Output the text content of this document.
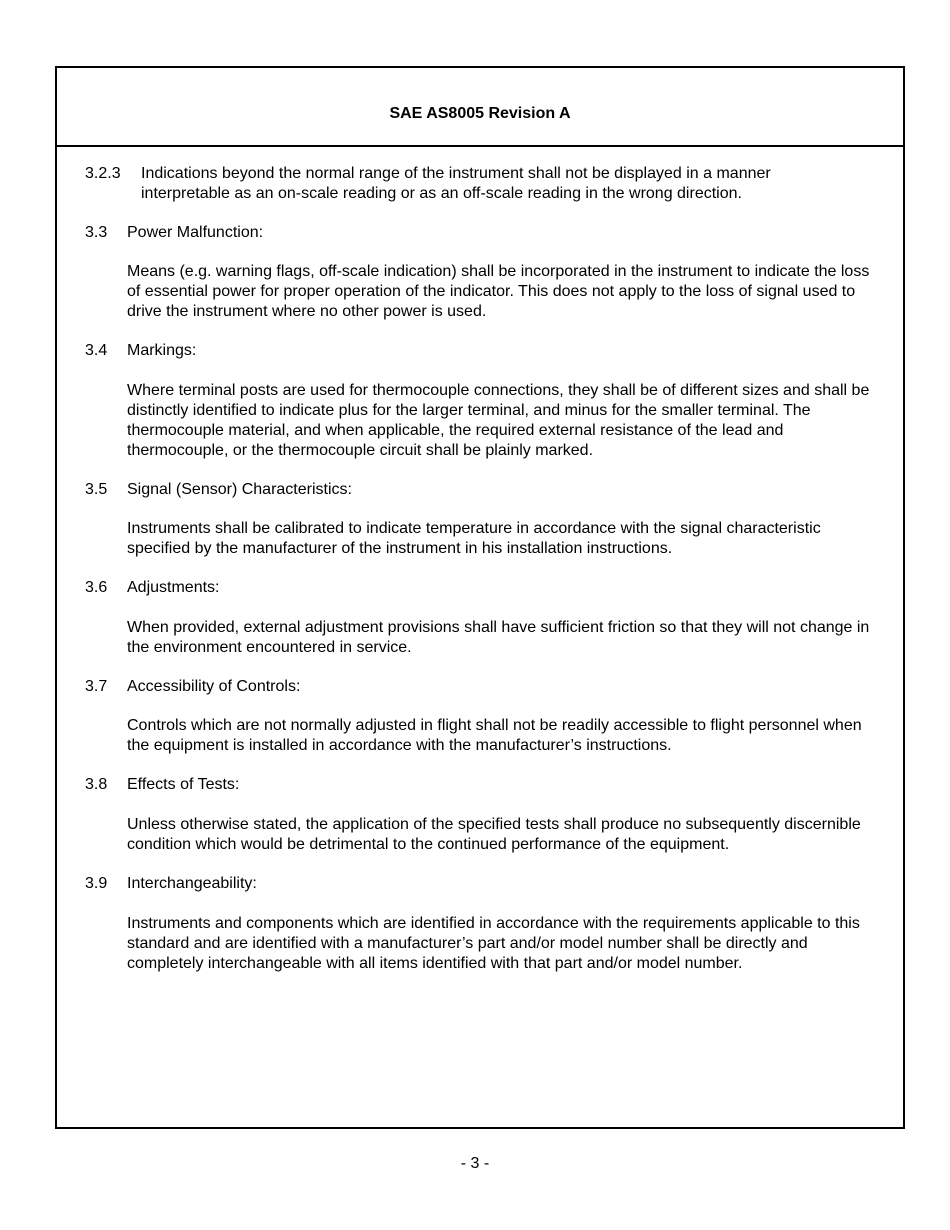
SAE AS8005 Revision A
3.2.3 Indications beyond the normal range of the instrument shall not be displayed in a manner interpretable as an on-scale reading or as an off-scale reading in the wrong direction.
3.3 Power Malfunction:
Means (e.g. warning flags, off-scale indication) shall be incorporated in the instrument to indicate the loss of essential power for proper operation of the indicator. This does not apply to the loss of signal used to drive the instrument where no other power is used.
3.4 Markings:
Where terminal posts are used for thermocouple connections, they shall be of different sizes and shall be distinctly identified to indicate plus for the larger terminal, and minus for the smaller terminal. The thermocouple material, and when applicable, the required external resistance of the lead and thermocouple, or the thermocouple circuit shall be plainly marked.
3.5 Signal (Sensor) Characteristics:
Instruments shall be calibrated to indicate temperature in accordance with the signal characteristic specified by the manufacturer of the instrument in his installation instructions.
3.6 Adjustments:
When provided, external adjustment provisions shall have sufficient friction so that they will not change in the environment encountered in service.
3.7 Accessibility of Controls:
Controls which are not normally adjusted in flight shall not be readily accessible to flight personnel when the equipment is installed in accordance with the manufacturer’s instructions.
3.8 Effects of Tests:
Unless otherwise stated, the application of the specified tests shall produce no subsequently discernible condition which would be detrimental to the continued performance of the equipment.
3.9 Interchangeability:
Instruments and components which are identified in accordance with the requirements applicable to this standard and are identified with a manufacturer’s part and/or model number shall be directly and completely interchangeable with all items identified with that part and/or model number.
- 3 -
